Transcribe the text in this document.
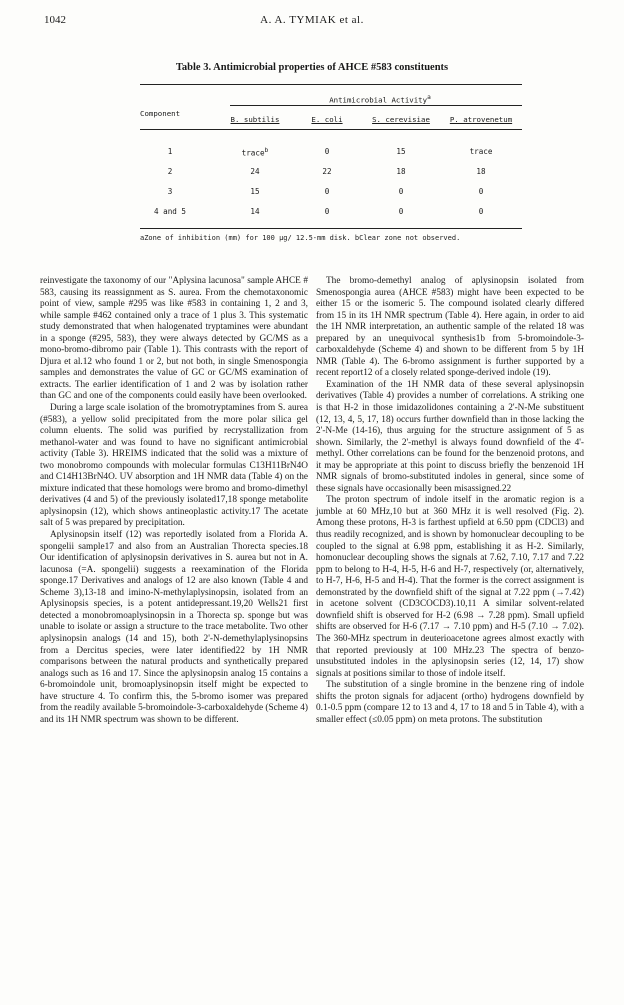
1042	A. A. TYMIAK et al.
Table 3. Antimicrobial properties of AHCE #583 constituents
Antimicrobial Activity$^a$
Component
B. subtilis	E. coli	S. cerevisiae	P. atrovenetum
1	trace$^b$	0	15	trace
2	24	22	18	18
3	15	0	0	0
4 and 5	14	0	0	0
aZone of inhibition (mm) for 100 µg/ 12.5-mm disk. bClear zone not observed.

reinvestigate the taxonomy of our "Aplysina lacunosa" sample AHCE # 583, causing its reassignment as S. aurea. From the chemotaxonomic point of view, sample #295 was like #583 in containing 1, 2 and 3, while sample #462 contained only a trace of 1 plus 3. This systematic study demonstrated that when halogenated tryptamines were abundant in a sponge (#295, 583), they were always detected by GC/MS as a mono-bromo-dibromo pair (Table 1). This contrasts with the report of Djura et al.12 who found 1 or 2, but not both, in single Smenospongia samples and demonstrates the value of GC or GC/MS examination of extracts. The earlier identification of 1 and 2 was by isolation rather than GC and one of the components could easily have been overlooked.

During a large scale isolation of the bromotryptamines from S. aurea (#583), a yellow solid precipitated from the more polar silica gel column eluents. The solid was purified by recrystallization from methanol-water and was found to have no significant antimicrobial activity (Table 3). HREIMS indicated that the solid was a mixture of two monobromo compounds with molecular formulas C13H11BrN4O and C14H13BrN4O. UV absorption and 1H NMR data (Table 4) on the mixture indicated that these homologs were bromo and bromo-dimethyl derivatives (4 and 5) of the previously isolated17,18 sponge metabolite aplysinopsin (12), which shows antineoplastic activity.17 The acetate salt of 5 was prepared by precipitation.

Aplysinopsin itself (12) was reportedly isolated from a Florida A. spongelii sample17 and also from an Australian Thorecta species.18 Our identification of aplysinopsin derivatives in S. aurea but not in A. lacunosa (=A. spongelii) suggests a reexamination of the Florida sponge.17 Derivatives and analogs of 12 are also known (Table 4 and Scheme 3),13-18 and imino-N-methylaplysinopsin, isolated from an Aplysinopsis species, is a potent antidepressant.19,20 Wells21 first detected a monobromoaplysinopsin in a Thorecta sp. sponge but was unable to isolate or assign a structure to the trace metabolite. Two other aplysinopsin analogs (14 and 15), both 2'-N-demethylaplysinopsins from a Dercitus species, were later identified22 by 1H NMR comparisons between the natural products and synthetically prepared analogs such as 16 and 17. Since the aplysinopsin analog 15 contains a 6-bromoindole unit, bromoaplysinopsin itself might be expected to have structure 4. To confirm this, the 5-bromo isomer was prepared from the readily available 5-bromoindole-3-carboxaldehyde (Scheme 4) and its 1H NMR spectrum was shown to be different.

The bromo-demethyl analog of aplysinopsin isolated from Smenospongia aurea (AHCE #583) might have been expected to be either 15 or the isomeric 5. The compound isolated clearly differed from 15 in its 1H NMR spectrum (Table 4). Here again, in order to aid the 1H NMR interpretation, an authentic sample of the related 18 was prepared by an unequivocal synthesis1b from 5-bromoindole-3-carboxaldehyde (Scheme 4) and shown to be different from 5 by 1H NMR (Table 4). The 6-bromo assignment is further supported by a recent report12 of a closely related sponge-derived indole (19).

Examination of the 1H NMR data of these several aplysinopsin derivatives (Table 4) provides a number of correlations. A striking one is that H-2 in those imidazolidones containing a 2'-N-Me substituent (12, 13, 4, 5, 17, 18) occurs further downfield than in those lacking the 2'-N-Me (14-16), thus arguing for the structure assignment of 5 as shown. Similarly, the 2'-methyl is always found downfield of the 4'-methyl. Other correlations can be found for the benzenoid protons, and it may be appropriate at this point to discuss briefly the benzenoid 1H NMR signals of bromo-substituted indoles in general, since some of these signals have occasionally been misassigned.22

The proton spectrum of indole itself in the aromatic region is a jumble at 60 MHz,10 but at 360 MHz it is well resolved (Fig. 2). Among these protons, H-3 is farthest upfield at 6.50 ppm (CDCl3) and thus readily recognized, and is shown by homonuclear decoupling to be coupled to the signal at 6.98 ppm, establishing it as H-2. Similarly, homonuclear decoupling shows the signals at 7.62, 7.10, 7.17 and 7.22 ppm to belong to H-4, H-5, H-6 and H-7, respectively (or, alternatively, to H-7, H-6, H-5 and H-4). That the former is the correct assignment is demonstrated by the downfield shift of the signal at 7.22 ppm (→7.42) in acetone solvent (CD3COCD3).10,11 A similar solvent-related downfield shift is observed for H-2 (6.98 → 7.28 ppm). Small upfield shifts are observed for H-6 (7.17 → 7.10 ppm) and H-5 (7.10 → 7.02). The 360-MHz spectrum in deuterioacetone agrees almost exactly with that reported previously at 100 MHz.23 The spectra of benzo-unsubstituted indoles in the aplysinopsin series (12, 14, 17) show signals at positions similar to those of indole itself.

The substitution of a single bromine in the benzene ring of indole shifts the proton signals for adjacent (ortho) hydrogens downfield by 0.1-0.5 ppm (compare 12 to 13 and 4, 17 to 18 and 5 in Table 4), with a smaller effect (≤0.05 ppm) on meta protons. The substitution
